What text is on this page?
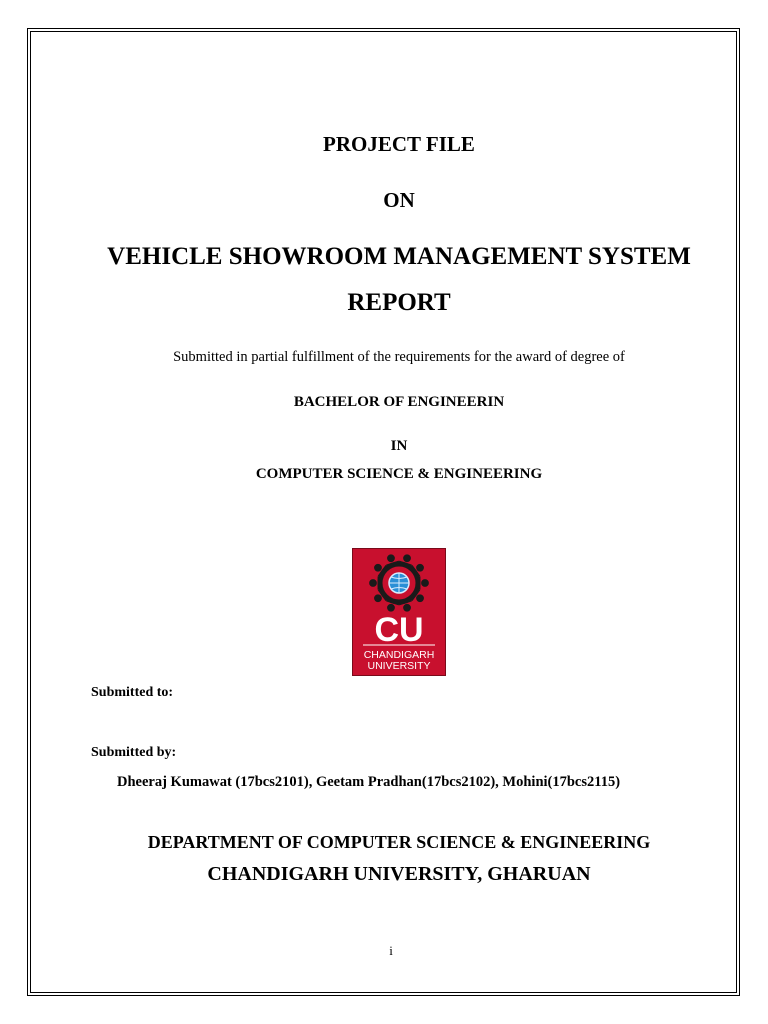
PROJECT FILE

ON

VEHICLE SHOWROOM MANAGEMENT SYSTEM

REPORT

Submitted in partial fulfillment of the requirements for the award of degree of

BACHELOR OF ENGINEERIN

IN

COMPUTER SCIENCE & ENGINEERING

CU
CHANDIGARH
UNIVERSITY

Submitted to:

Submitted by:

Dheeraj Kumawat (17bcs2101), Geetam Pradhan(17bcs2102), Mohini(17bcs2115)

DEPARTMENT OF COMPUTER SCIENCE & ENGINEERING

CHANDIGARH UNIVERSITY, GHARUAN

i
